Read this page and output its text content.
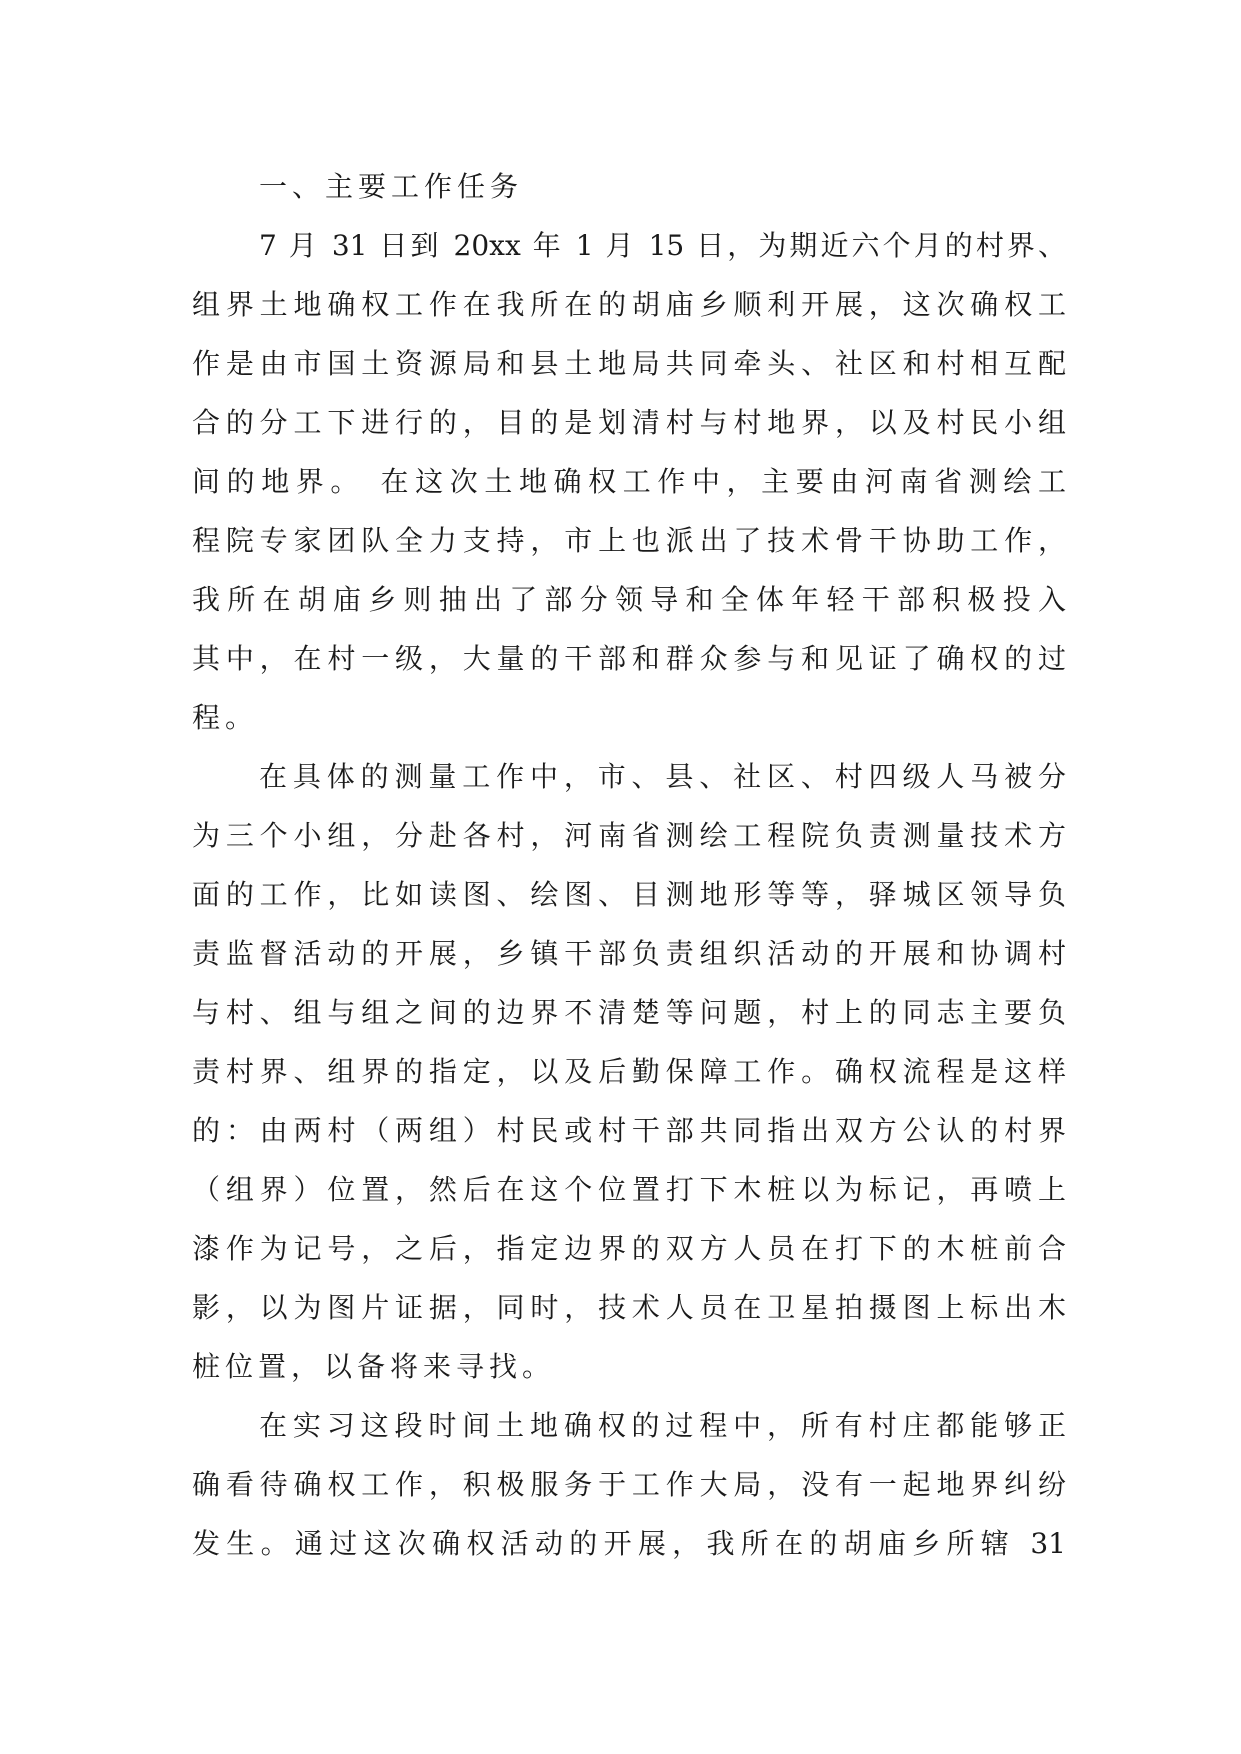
一、主要工作任务
7 月 31 日到 20xx 年 1 月 15 日，为期近六个月的村界、
组界土地确权工作在我所在的胡庙乡顺利开展，这次确权工
作是由市国土资源局和县土地局共同牵头、社区和村相互配
合的分工下进行的，目的是划清村与村地界，以及村民小组
间的地界。 在这次土地确权工作中，主要由河南省测绘工
程院专家团队全力支持，市上也派出了技术骨干协助工作，
我所在胡庙乡则抽出了部分领导和全体年轻干部积极投入
其中，在村一级，大量的干部和群众参与和见证了确权的过
程。
在具体的测量工作中，市、县、社区、村四级人马被分
为三个小组，分赴各村，河南省测绘工程院负责测量技术方
面的工作，比如读图、绘图、目测地形等等，驿城区领导负
责监督活动的开展，乡镇干部负责组织活动的开展和协调村
与村、组与组之间的边界不清楚等问题，村上的同志主要负
责村界、组界的指定，以及后勤保障工作。确权流程是这样
的：由两村（两组）村民或村干部共同指出双方公认的村界
（组界）位置，然后在这个位置打下木桩以为标记，再喷上
漆作为记号，之后，指定边界的双方人员在打下的木桩前合
影，以为图片证据，同时，技术人员在卫星拍摄图上标出木
桩位置，以备将来寻找。
在实习这段时间土地确权的过程中，所有村庄都能够正
确看待确权工作，积极服务于工作大局，没有一起地界纠纷
发生。通过这次确权活动的开展，我所在的胡庙乡所辖 31
